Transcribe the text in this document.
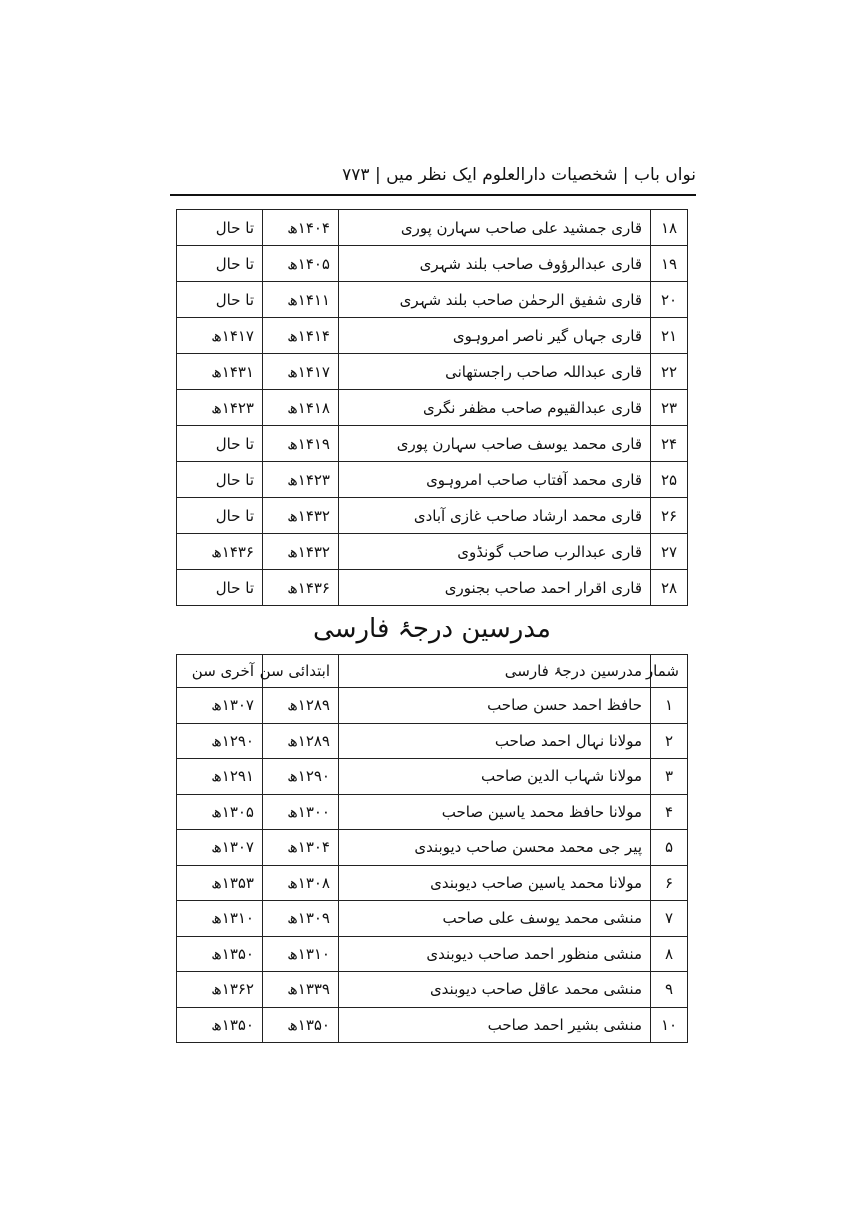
نواں باب | شخصیات دارالعلوم ایک نظر میں | ۷۷۳
۱۸	قاری جمشید علی صاحب سہارن پوری	۱۴۰۴ھ	تا حال
۱۹	قاری عبدالرؤوف صاحب بلند شہری	۱۴۰۵ھ	تا حال
۲۰	قاری شفیق الرحمٰن صاحب بلند شہری	۱۴۱۱ھ	تا حال
۲۱	قاری جہاں گیر ناصر امروہوی	۱۴۱۴ھ	۱۴۱۷ھ
۲۲	قاری عبداللہ صاحب راجستھانی	۱۴۱۷ھ	۱۴۳۱ھ
۲۳	قاری عبدالقیوم صاحب مظفر نگری	۱۴۱۸ھ	۱۴۲۳ھ
۲۴	قاری محمد یوسف صاحب سہارن پوری	۱۴۱۹ھ	تا حال
۲۵	قاری محمد آفتاب صاحب امروہوی	۱۴۲۳ھ	تا حال
۲۶	قاری محمد ارشاد صاحب غازی آبادی	۱۴۳۲ھ	تا حال
۲۷	قاری عبدالرب صاحب گونڈوی	۱۴۳۲ھ	۱۴۳۶ھ
۲۸	قاری اقرار احمد صاحب بجنوری	۱۴۳۶ھ	تا حال
مدرسین درجۂ فارسی
شمار	مدرسین درجۂ فارسی	ابتدائی سن	آخری سن
۱	حافظ احمد حسن صاحب	۱۲۸۹ھ	۱۳۰۷ھ
۲	مولانا نہال احمد صاحب	۱۲۸۹ھ	۱۲۹۰ھ
۳	مولانا شہاب الدین صاحب	۱۲۹۰ھ	۱۲۹۱ھ
۴	مولانا حافظ محمد یاسین صاحب	۱۳۰۰ھ	۱۳۰۵ھ
۵	پیر جی محمد محسن صاحب دیوبندی	۱۳۰۴ھ	۱۳۰۷ھ
۶	مولانا محمد یاسین صاحب دیوبندی	۱۳۰۸ھ	۱۳۵۳ھ
۷	منشی محمد یوسف علی صاحب	۱۳۰۹ھ	۱۳۱۰ھ
۸	منشی منظور احمد صاحب دیوبندی	۱۳۱۰ھ	۱۳۵۰ھ
۹	منشی محمد عاقل صاحب دیوبندی	۱۳۳۹ھ	۱۳۶۲ھ
۱۰	منشی بشیر احمد صاحب	۱۳۵۰ھ	۱۳۵۰ھ
